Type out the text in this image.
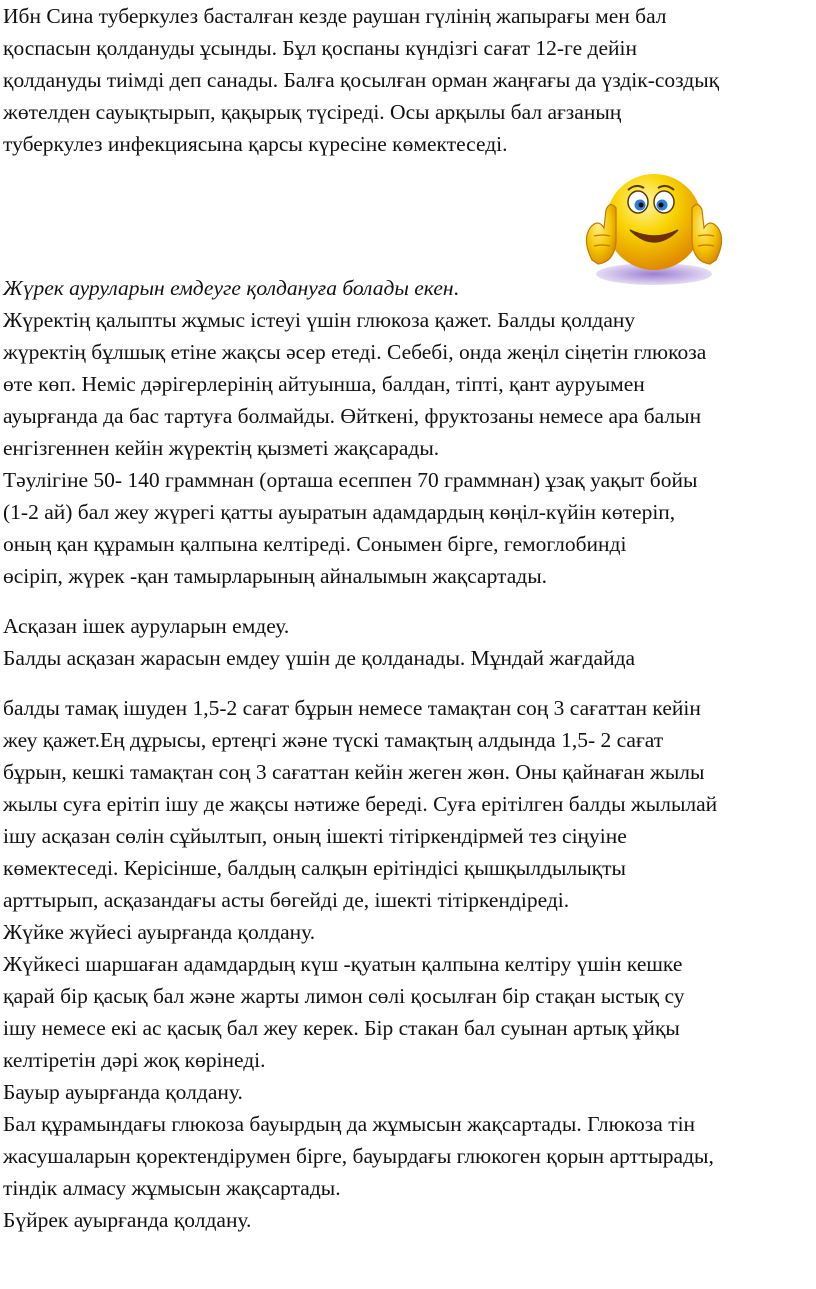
Ибн Сина туберкулез басталған кезде раушан гүлінің жапырағы мен бал
қоспасын қолдануды ұсынды. Бұл қоспаны күндізгі сағат 12-ге дейін
қолдануды тиімді деп санады. Балға қосылған орман жаңғағы да үздік-создық
жөтелден сауықтырып, қақырық түсіреді. Осы арқылы бал ағзаның
туберкулез инфекциясына қарсы күресіне көмектеседі.
Жүрек ауруларын емдеуге қолдануға болады екен.
Жүректің қалыпты жұмыс істеуі үшін глюкоза қажет. Балды қолдану
жүректің бұлшық етіне жақсы әсер етеді. Себебі, онда жеңіл сіңетін глюкоза
өте көп. Неміс дәрігерлерінің айтуынша, балдан, тіпті, қант ауруымен
ауырғанда да бас тартуға болмайды. Өйткені, фруктозаны немесе ара балын
енгізгеннен кейін жүректің қызметі жақсарады.
Тәулігіне 50- 140 граммнан (орташа есеппен 70 граммнан) ұзақ уақыт бойы
(1-2 ай) бал жеу жүрегі қатты ауыратын адамдардың көңіл-күйін көтеріп,
оның қан құрамын қалпына келтіреді. Сонымен бірге, гемоглобинді
өсіріп, жүрек -қан тамырларының айналымын жақсартады.
Асқазан ішек ауруларын емдеу.
Балды асқазан жарасын емдеу үшін де қолданады. Мұндай жағдайда
балды тамақ ішуден 1,5-2 сағат бұрын немесе тамақтан соң 3 сағаттан кейін
жеу қажет.Ең дұрысы, ертеңгі және түскі тамақтың алдында 1,5- 2 сағат
бұрын, кешкі тамақтан соң 3 сағаттан кейін жеген жөн. Оны қайнаған жылы
жылы суға ерітіп ішу де жақсы нәтиже береді. Суға ерітілген балды жылылай
ішу асқазан сөлін сұйылтып, оның ішекті тітіркендірмей тез сіңуіне
көмектеседі. Керісінше, балдың салқын ерітіндісі қышқылдылықты
арттырып, асқазандағы асты бөгейді де, ішекті тітіркендіреді.
Жүйке жүйесі ауырғанда қолдану.
Жүйкесі шаршаған адамдардың күш -қуатын қалпына келтіру үшін кешке
қарай бір қасық бал және жарты лимон сөлі қосылған бір стақан ыстық су
ішу немесе екі ас қасық бал жеу керек. Бір стакан бал суынан артық ұйқы
келтіретін дәрі жоқ көрінеді.
Бауыр ауырғанда қолдану.
Бал құрамындағы глюкоза бауырдың да жұмысын жақсартады. Глюкоза тін
жасушаларын қоректендірумен бірге, бауырдағы глюкоген қорын арттырады,
тіндік алмасу жұмысын жақсартады.
Бүйрек ауырғанда қолдану.
